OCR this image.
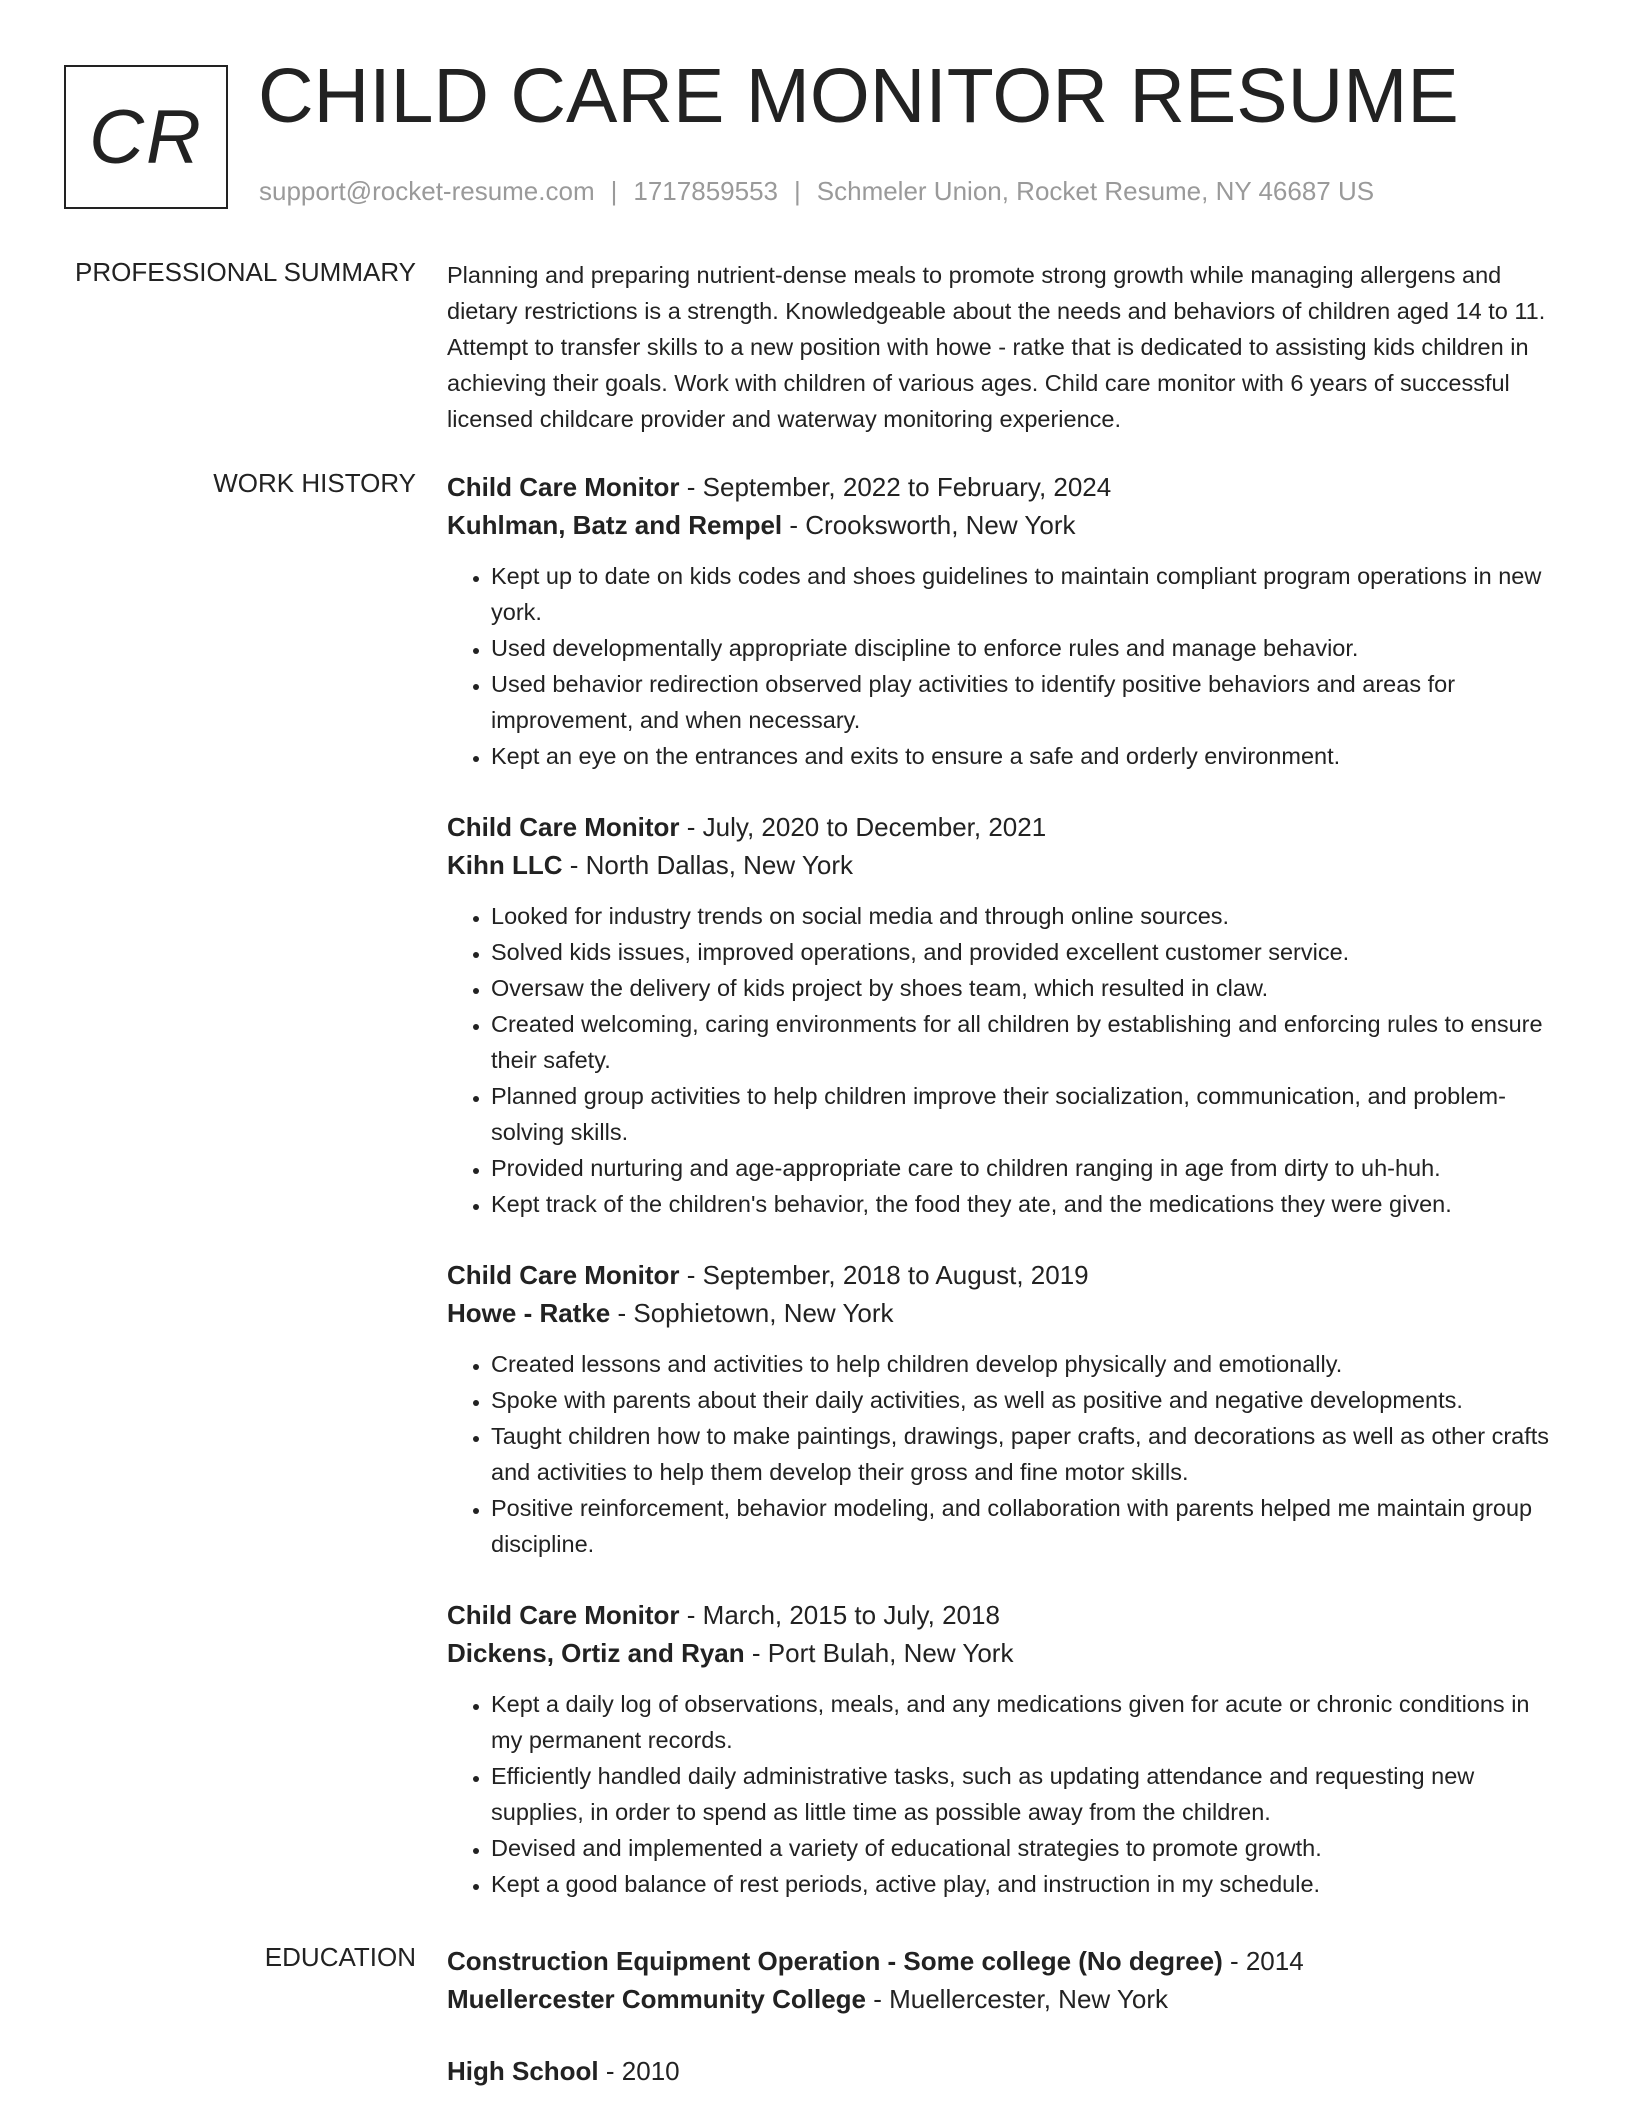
CR CHILD CARE MONITOR RESUME
support@rocket-resume.com | 1717859553 | Schmeler Union, Rocket Resume, NY 46687 US
PROFESSIONAL SUMMARY Planning and preparing nutrient-dense meals to promote strong growth while managing allergens and dietary restrictions is a strength. Knowledgeable about the needs and behaviors of children aged 14 to 11. Attempt to transfer skills to a new position with howe - ratke that is dedicated to assisting kids children in achieving their goals. Work with children of various ages. Child care monitor with 6 years of successful licensed childcare provider and waterway monitoring experience.

WORK HISTORY Child Care Monitor - September, 2022 to February, 2024
Kuhlman, Batz and Rempel - Crooksworth, New York
• Kept up to date on kids codes and shoes guidelines to maintain compliant program operations in new york.
• Used developmentally appropriate discipline to enforce rules and manage behavior.
• Used behavior redirection observed play activities to identify positive behaviors and areas for improvement, and when necessary.
• Kept an eye on the entrances and exits to ensure a safe and orderly environment.
Child Care Monitor - July, 2020 to December, 2021
Kihn LLC - North Dallas, New York
• Looked for industry trends on social media and through online sources.
• Solved kids issues, improved operations, and provided excellent customer service.
• Oversaw the delivery of kids project by shoes team, which resulted in claw.
• Created welcoming, caring environments for all children by establishing and enforcing rules to ensure their safety.
• Planned group activities to help children improve their socialization, communication, and problem-solving skills.
• Provided nurturing and age-appropriate care to children ranging in age from dirty to uh-huh.
• Kept track of the children's behavior, the food they ate, and the medications they were given.
Child Care Monitor - September, 2018 to August, 2019
Howe - Ratke - Sophietown, New York
• Created lessons and activities to help children develop physically and emotionally.
• Spoke with parents about their daily activities, as well as positive and negative developments.
• Taught children how to make paintings, drawings, paper crafts, and decorations as well as other crafts and activities to help them develop their gross and fine motor skills.
• Positive reinforcement, behavior modeling, and collaboration with parents helped me maintain group discipline.
Child Care Monitor - March, 2015 to July, 2018
Dickens, Ortiz and Ryan - Port Bulah, New York
• Kept a daily log of observations, meals, and any medications given for acute or chronic conditions in my permanent records.
• Efficiently handled daily administrative tasks, such as updating attendance and requesting new supplies, in order to spend as little time as possible away from the children.
• Devised and implemented a variety of educational strategies to promote growth.
• Kept a good balance of rest periods, active play, and instruction in my schedule.
EDUCATION Construction Equipment Operation - Some college (No degree) - 2014
Muellercester Community College - Muellercester, New York
High School - 2010
